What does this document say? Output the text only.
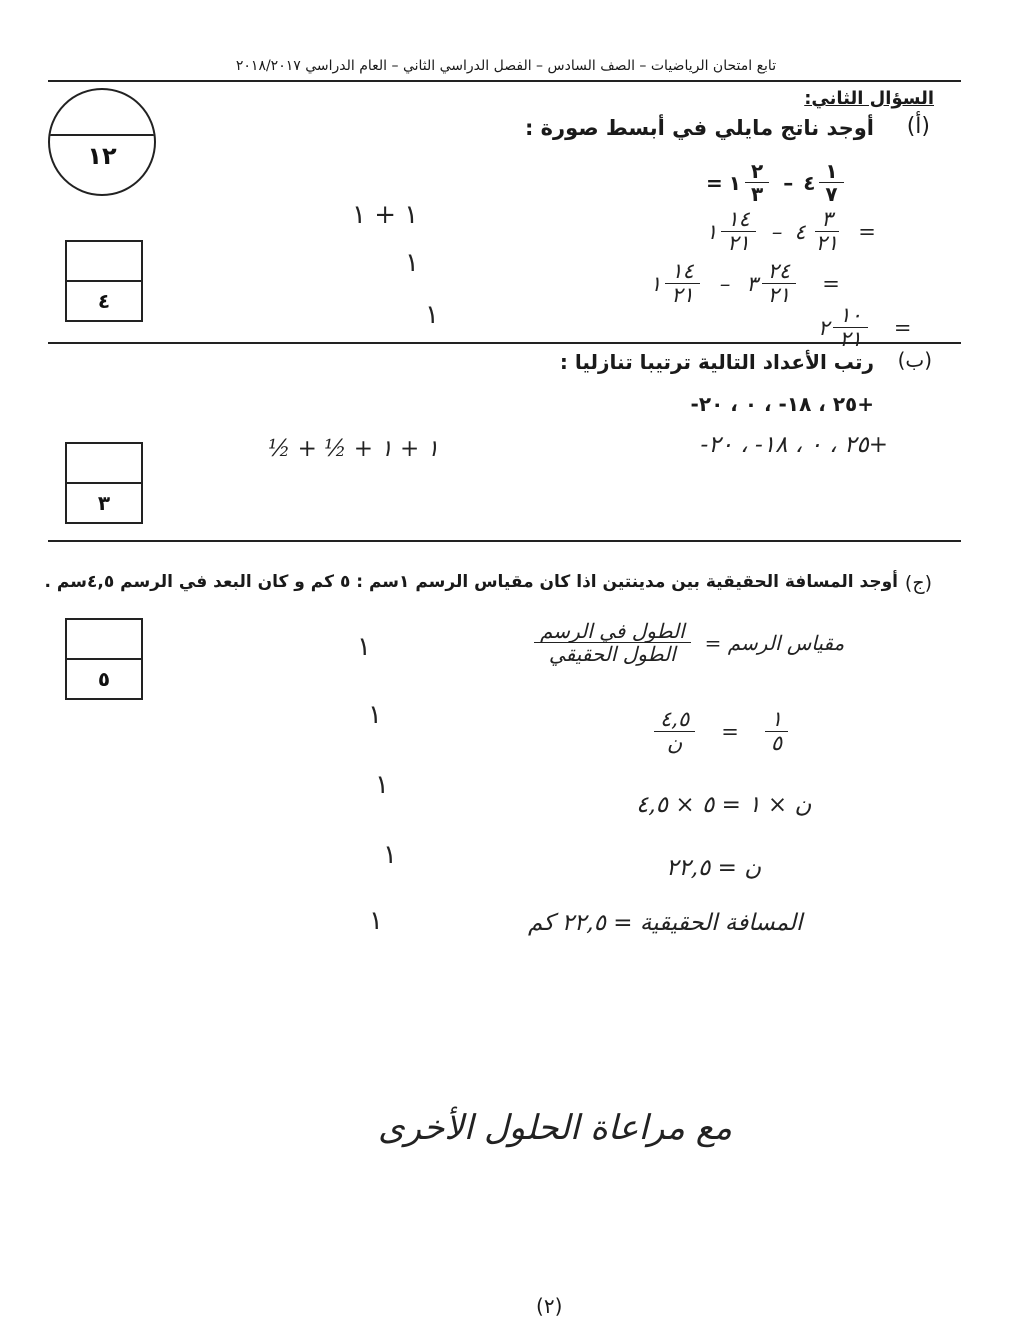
تابع امتحان الرياضيات – الصف السادس – الفصل الدراسي الثاني – العام الدراسي ٢٠١٨/٢٠١٧
١٢
السؤال الثاني:
(أ)
أوجد ناتج مايلي في أبسط صورة :
= ١ $\frac{٢}{٣}$ – ٤ $\frac{١}{٧}$
١ $\frac{١٤}{٢١}$ – ٤ $\frac{٣}{٢١}$ =
١ $\frac{١٤}{٢١}$ – ٣ $\frac{٢٤}{٢١}$ =
٢ $\frac{١٠}{٢١}$ =
١ + ١
١
١
٤
(ب)
رتب الأعداد التالية ترتيبا تنازليا :
+٢٥ ، ١٨- ، ٠ ، ٢٠-
+٢٥ ، ٠ ، ١٨- ، ٢٠-
½ + ½ + ١ + ١
٣
(ج)
أوجد المسافة الحقيقية بين مدينتين اذا كان مقياس الرسم ١سم : ٥ كم و كان البعد في الرسم ٤,٥سم .
٥
$\frac{\text{الطول في الرسم}}{\text{الطول الحقيقي}}$ مقياس الرسم =
$\frac{٤,٥}{\text{ن}} = \frac{١}{٥}$
ن × ١ = ٥ × ٤,٥
ن = ٢٢,٥
المسافة الحقيقية = ٢٢,٥ كم
١
١
١
١
١
مع مراعاة الحلول الأخرى
(٢)
